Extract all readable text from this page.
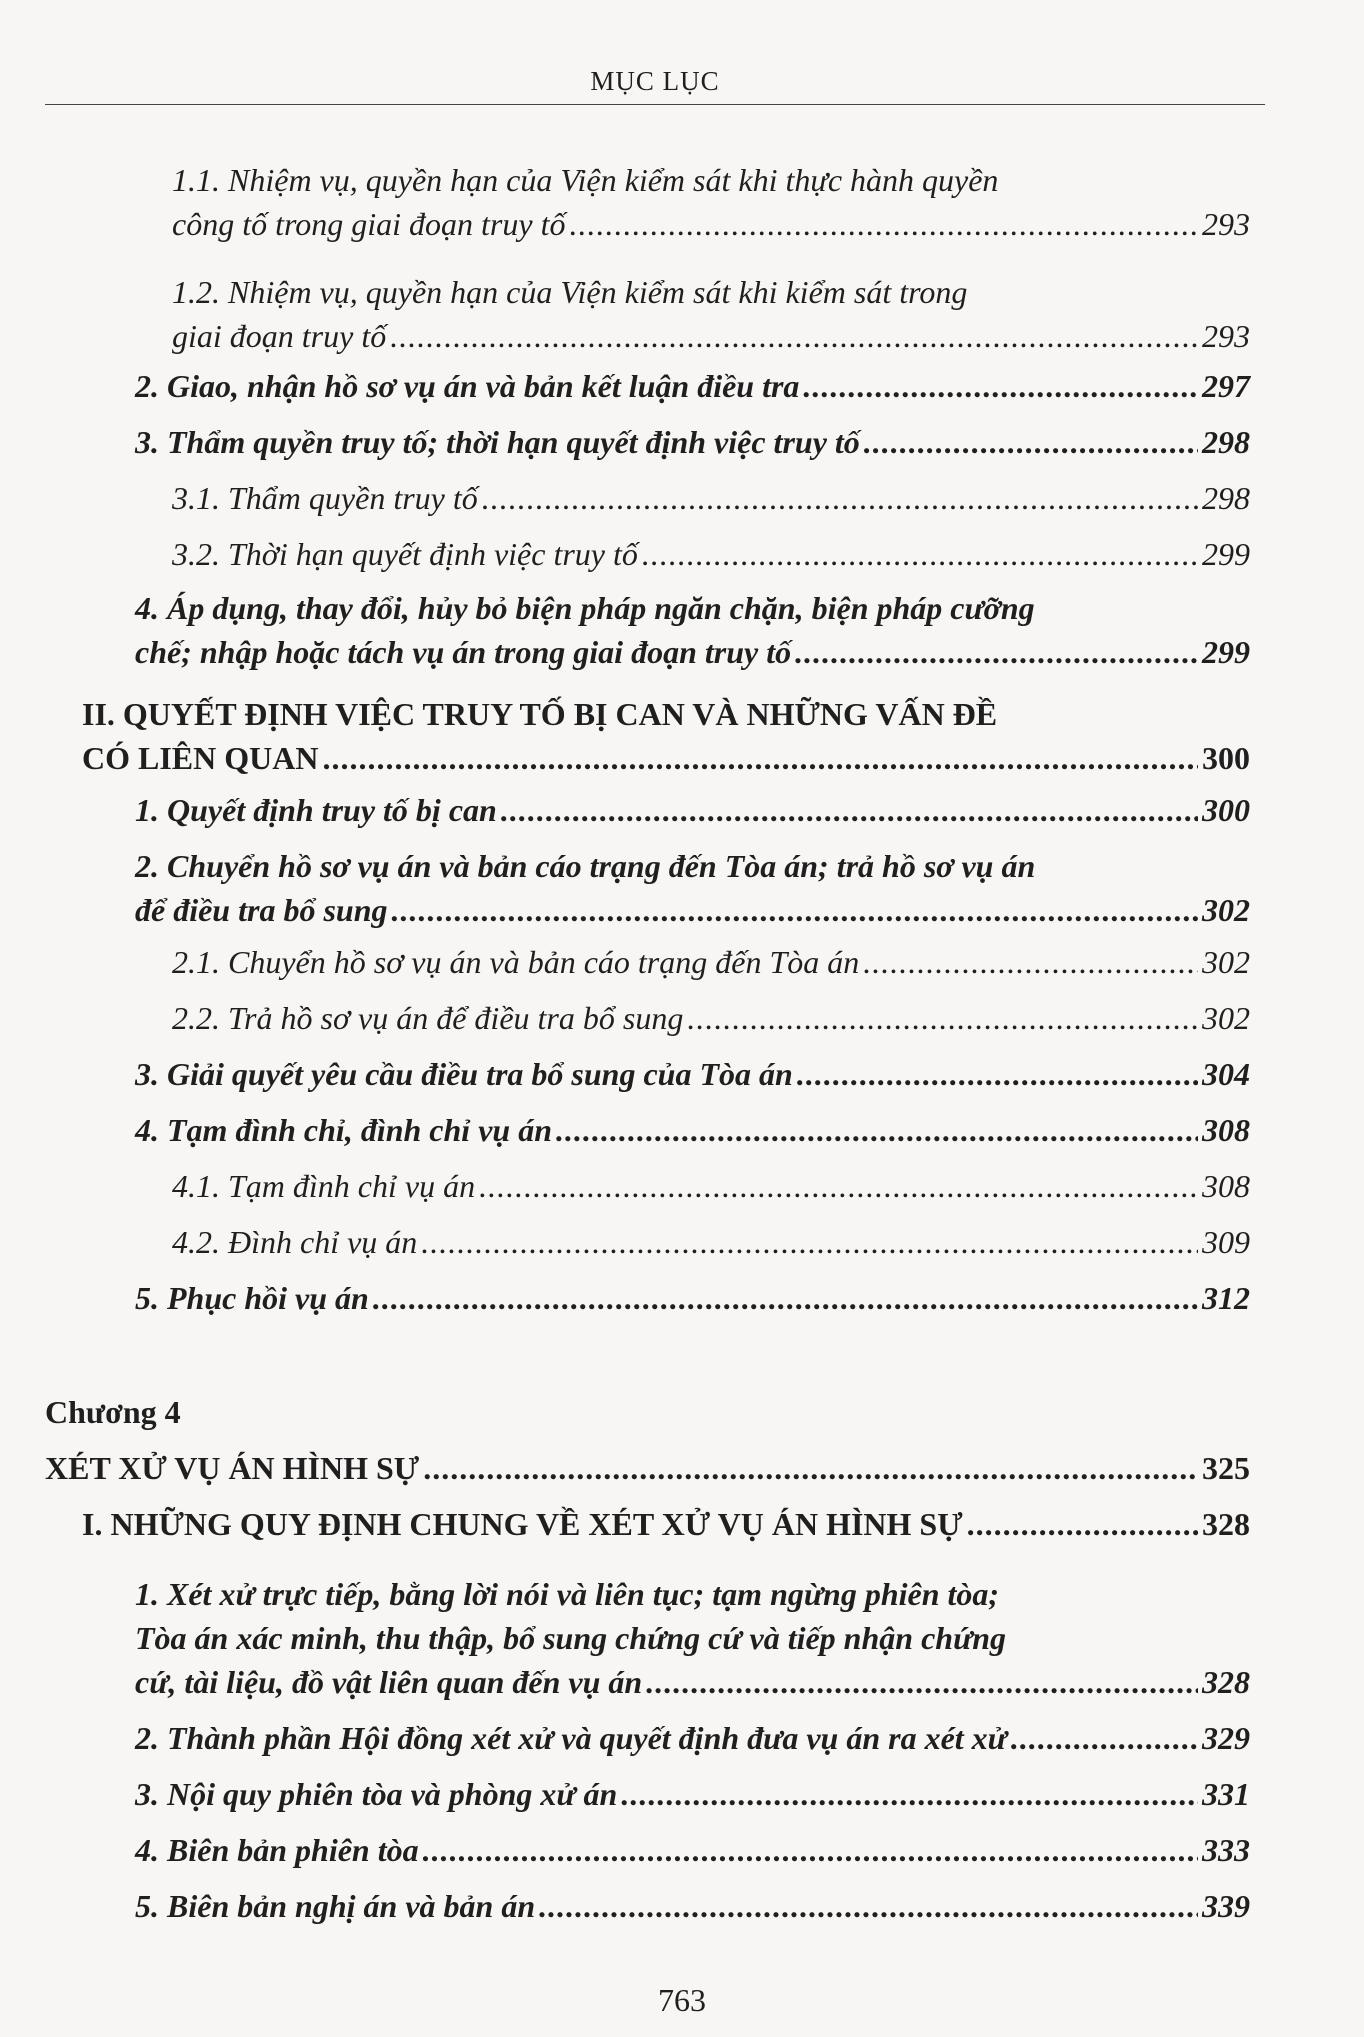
MỤC LỤC
1.1. Nhiệm vụ, quyền hạn của Viện kiểm sát khi thực hành quyền
công tố trong giai đoạn truy tố .....	293
1.2. Nhiệm vụ, quyền hạn của Viện kiểm sát khi kiểm sát trong
giai đoạn truy tố .....	293
2. Giao, nhận hồ sơ vụ án và bản kết luận điều tra .....	297
3. Thẩm quyền truy tố; thời hạn quyết định việc truy tố .....	298
3.1. Thẩm quyền truy tố .....	298
3.2. Thời hạn quyết định việc truy tố .....	299
4. Áp dụng, thay đổi, hủy bỏ biện pháp ngăn chặn, biện pháp cưỡng
chế; nhập hoặc tách vụ án trong giai đoạn truy tố .....	299
II. QUYẾT ĐỊNH VIỆC TRUY TỐ BỊ CAN VÀ NHỮNG VẤN ĐỀ
CÓ LIÊN QUAN .....	300
1. Quyết định truy tố bị can .....	300
2. Chuyển hồ sơ vụ án và bản cáo trạng đến Tòa án; trả hồ sơ vụ án
để điều tra bổ sung .....	302
2.1. Chuyển hồ sơ vụ án và bản cáo trạng đến Tòa án .....	302
2.2. Trả hồ sơ vụ án để điều tra bổ sung .....	302
3. Giải quyết yêu cầu điều tra bổ sung của Tòa án .....	304
4. Tạm đình chỉ, đình chỉ vụ án .....	308
4.1. Tạm đình chỉ vụ án .....	308
4.2. Đình chỉ vụ án .....	309
5. Phục hồi vụ án .....	312
Chương 4
XÉT XỬ VỤ ÁN HÌNH SỰ .....	325
I. NHỮNG QUY ĐỊNH CHUNG VỀ XÉT XỬ VỤ ÁN HÌNH SỰ .....	328
1. Xét xử trực tiếp, bằng lời nói và liên tục; tạm ngừng phiên tòa;
Tòa án xác minh, thu thập, bổ sung chứng cứ và tiếp nhận chứng
cứ, tài liệu, đồ vật liên quan đến vụ án .....	328
2. Thành phần Hội đồng xét xử và quyết định đưa vụ án ra xét xử .....	329
3. Nội quy phiên tòa và phòng xử án .....	331
4. Biên bản phiên tòa .....	333
5. Biên bản nghị án và bản án .....	339
763
